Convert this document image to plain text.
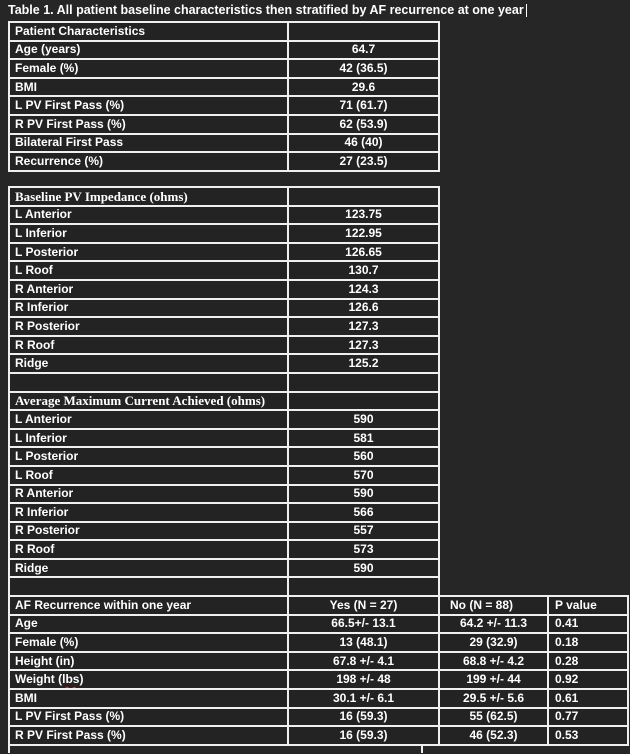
Table 1. All patient baseline characteristics then stratified by AF recurrence at one year
Patient Characteristics	
Age (years)	64.7
Female (%)	42 (36.5)
BMI	29.6
L PV First Pass (%)	71 (61.7)
R PV First Pass (%)	62 (53.9)
Bilateral First Pass	46 (40)
Recurrence (%)	27 (23.5)
Baseline PV Impedance (ohms)			
L Anterior	123.75		
L Inferior	122.95		
L Posterior	126.65		
L Roof	130.7		
R Anterior	124.3		
R Inferior	126.6		
R Posterior	127.3		
R Roof	127.3		
Ridge	125.2		

Average Maximum Current Achieved (ohms)			
L Anterior	590		
L Inferior	581		
L Posterior	560		
L Roof	570		
R Anterior	590		
R Inferior	566		
R Posterior	557		
R Roof	573		
Ridge	590		

AF Recurrence within one year	Yes (N = 27)	No (N = 88)	P value
Age	66.5+/- 13.1	64.2 +/- 11.3	0.41
Female (%)	13 (48.1)	29 (32.9)	0.18
Height (in)	67.8 +/- 4.1	68.8 +/- 4.2	0.28
Weight (lbs)	198 +/- 48	199 +/- 44	0.92
BMI	30.1 +/- 6.1	29.5 +/- 5.6	0.61
L PV First Pass (%)	16 (59.3)	55 (62.5)	0.77
R PV First Pass (%)	16 (59.3)	46 (52.3)	0.53
